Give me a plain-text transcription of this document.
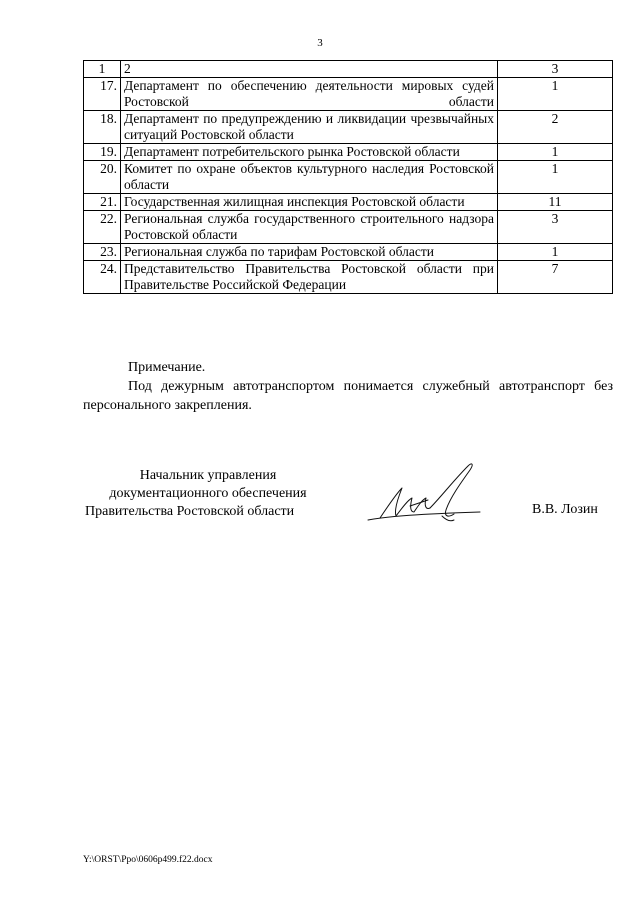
3
1	2	3
17.	Департамент по обеспечению деятельности мировых судей Ростовской области	1
18.	Департамент по предупреждению и ликвидации чрезвычайных ситуаций Ростовской области	2
19.	Департамент потребительского рынка Ростовской области	1
20.	Комитет по охране объектов культурного наследия Ростовской области	1
21.	Государственная жилищная инспекция Ростовской области	11
22.	Региональная служба государственного строительного надзора Ростовской области	3
23.	Региональная служба по тарифам Ростовской области	1
24.	Представительство Правительства Ростовской области при Правительстве Российской Федерации	7
Примечание.
Под дежурным автотранспортом понимается служебный автотранспорт без персонального закрепления.
Начальник управления
документационного обеспечения
Правительства Ростовской области	В.В. Лозин
Y:\ORST\Ppo\0606p499.f22.docx
